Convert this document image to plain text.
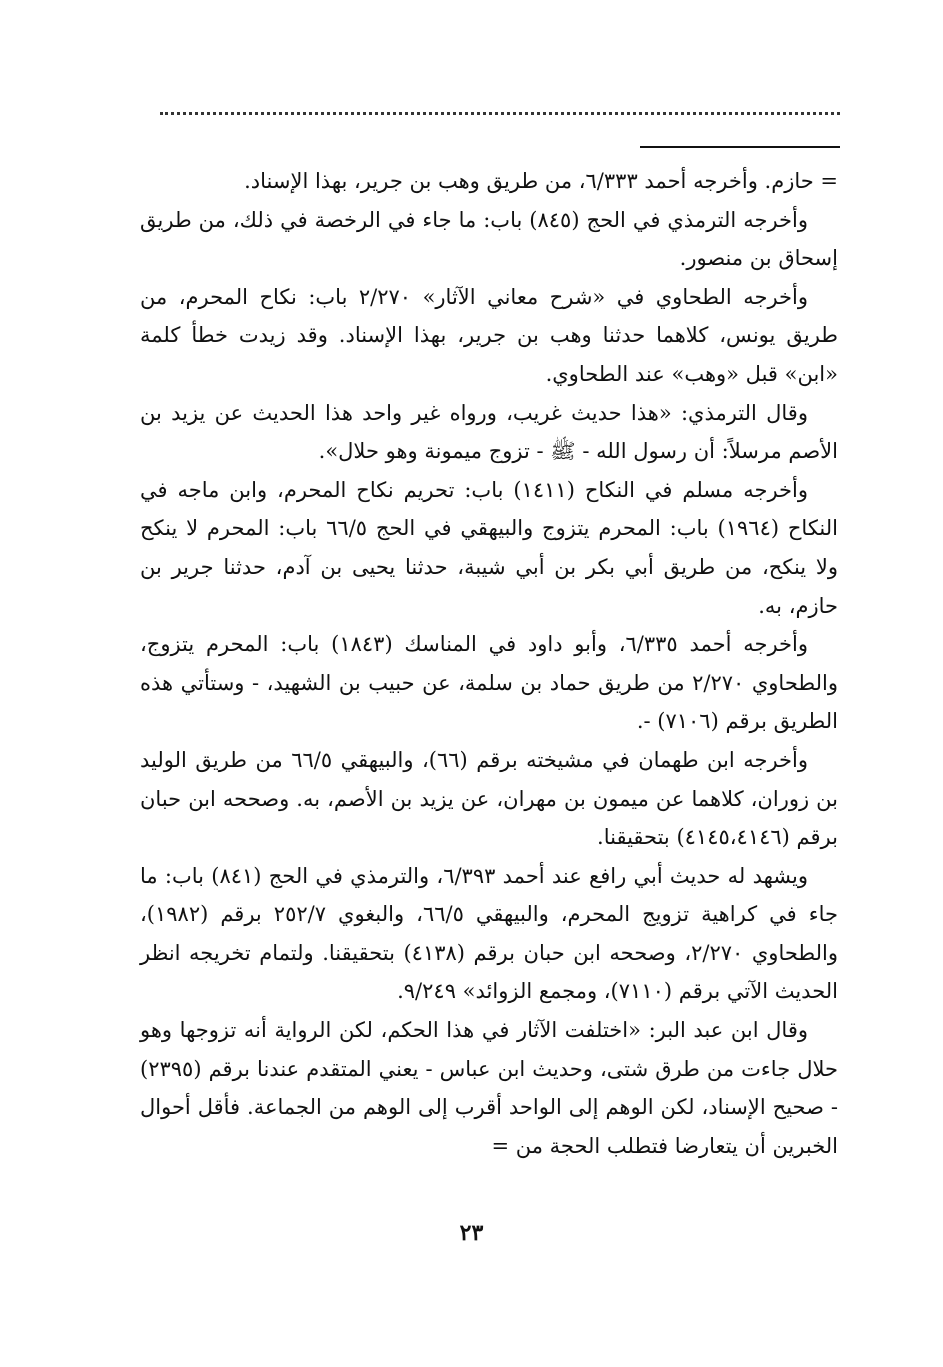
= حازم. وأخرجه أحمد ٦/٣٣٣، من طريق وهب بن جرير، بهذا الإسناد.

وأخرجه الترمذي في الحج (٨٤٥) باب: ما جاء في الرخصة في ذلك، من طريق إسحاق بن منصور.

وأخرجه الطحاوي في «شرح معاني الآثار» ٢/٢٧٠ باب: نكاح المحرم، من طريق يونس، كلاهما حدثنا وهب بن جرير، بهذا الإسناد. وقد زيدت خطأ كلمة «ابن» قبل «وهب» عند الطحاوي.

وقال الترمذي: «هذا حديث غريب، ورواه غير واحد هذا الحديث عن يزيد بن الأصم مرسلاً: أن رسول الله - ﷺ - تزوج ميمونة وهو حلال».

وأخرجه مسلم في النكاح (١٤١١) باب: تحريم نكاح المحرم، وابن ماجه في النكاح (١٩٦٤) باب: المحرم يتزوج والبيهقي في الحج ٦٦/٥ باب: المحرم لا ينكح ولا ينكح، من طريق أبي بكر بن أبي شيبة، حدثنا يحيى بن آدم، حدثنا جرير بن حازم، به.

وأخرجه أحمد ٦/٣٣٥، وأبو داود في المناسك (١٨٤٣) باب: المحرم يتزوج، والطحاوي ٢/٢٧٠ من طريق حماد بن سلمة، عن حبيب بن الشهيد، - وستأتي هذه الطريق برقم (٧١٠٦) -.

وأخرجه ابن طهمان في مشيخته برقم (٦٦)، والبيهقي ٦٦/٥ من طريق الوليد بن زوران، كلاهما عن ميمون بن مهران، عن يزيد بن الأصم، به. وصححه ابن حبان برقم (٤١٤٥،٤١٤٦) بتحقيقنا.

ويشهد له حديث أبي رافع عند أحمد ٦/٣٩٣، والترمذي في الحج (٨٤١) باب: ما جاء في كراهية تزويج المحرم، والبيهقي ٦٦/٥، والبغوي ٢٥٢/٧ برقم (١٩٨٢)، والطحاوي ٢/٢٧٠، وصححه ابن حبان برقم (٤١٣٨) بتحقيقنا. ولتمام تخريجه انظر الحديث الآتي برقم (٧١١٠)، ومجمع الزوائد» ٩/٢٤٩.

وقال ابن عبد البر: «اختلفت الآثار في هذا الحكم، لكن الرواية أنه تزوجها وهو حلال جاءت من طرق شتى، وحديث ابن عباس - يعني المتقدم عندنا برقم (٢٣٩٥) - صحيح الإسناد، لكن الوهم إلى الواحد أقرب إلى الوهم من الجماعة. فأقل أحوال الخبرين أن يتعارضا فتطلب الحجة من =

٢٣
